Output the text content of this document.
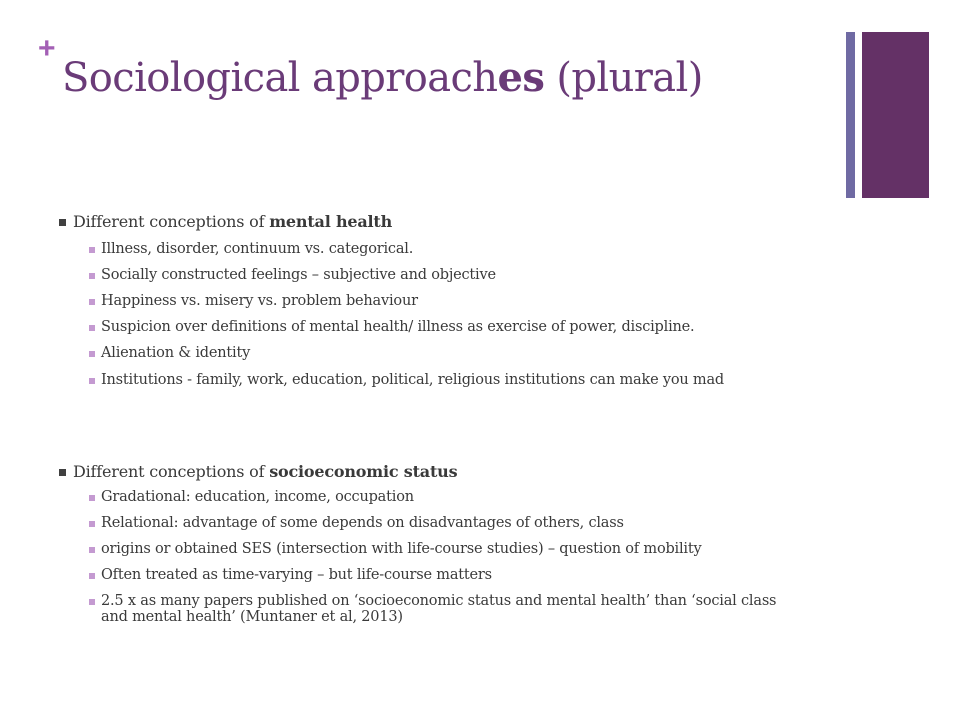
+
Sociological approaches (plural)
Different conceptions of mental health
Illness, disorder, continuum vs. categorical.
Socially constructed feelings – subjective and objective
Happiness vs. misery vs. problem behaviour
Suspicion over definitions of mental health/ illness as exercise of power, discipline.
Alienation & identity
Institutions - family, work, education, political, religious institutions can make you mad
Different conceptions of socioeconomic status
Gradational: education, income, occupation
Relational: advantage of some depends on disadvantages of others, class
origins or obtained SES (intersection with life-course studies) – question of mobility
Often treated as time-varying – but life-course matters
2.5 x as many papers published on ‘socioeconomic status and mental health’ than ‘social class and mental health’ (Muntaner et al, 2013)
